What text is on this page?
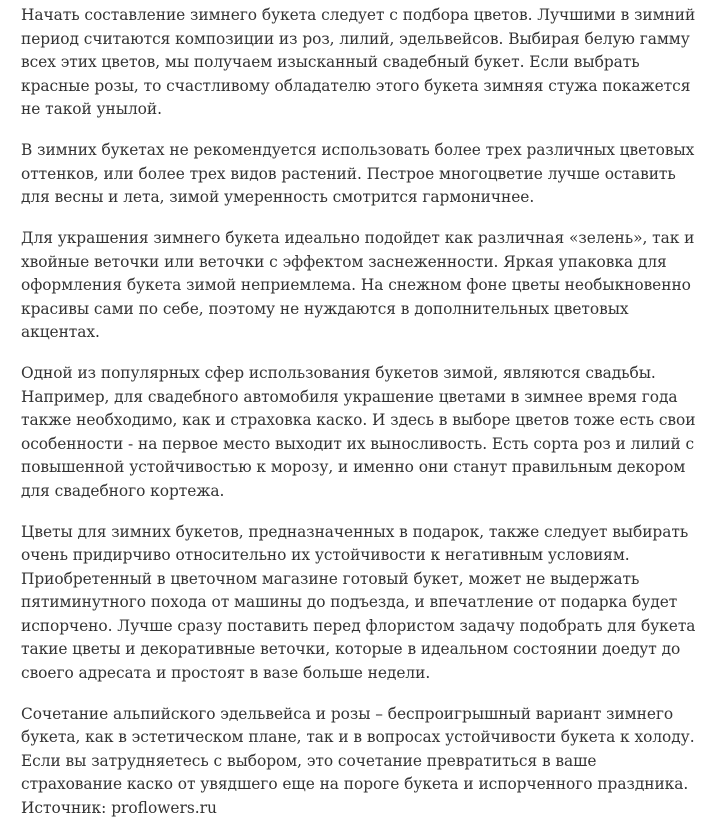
Начать составление зимнего букета следует с подбора цветов. Лучшими в зимний период считаются композиции из роз, лилий, эдельвейсов. Выбирая белую гамму всех этих цветов, мы получаем изысканный свадебный букет. Если выбрать красные розы, то счастливому обладателю этого букета зимняя стужа покажется не такой унылой.

В зимних букетах не рекомендуется использовать более трех различных цветовых оттенков, или более трех видов растений. Пестрое многоцветие лучше оставить для весны и лета, зимой умеренность смотрится гармоничнее.

Для украшения зимнего букета идеально подойдет как различная «зелень», так и хвойные веточки или веточки с эффектом заснеженности. Яркая упаковка для оформления букета зимой неприемлема. На снежном фоне цветы необыкновенно красивы сами по себе, поэтому не нуждаются в дополнительных цветовых акцентах.

Одной из популярных сфер использования букетов зимой, являются свадьбы. Например, для свадебного автомобиля украшение цветами в зимнее время года также необходимо, как и страховка каско. И здесь в выборе цветов тоже есть свои особенности - на первое место выходит их выносливость. Есть сорта роз и лилий с повышенной устойчивостью к морозу, и именно они станут правильным декором для свадебного кортежа.

Цветы для зимних букетов, предназначенных в подарок, также следует выбирать очень придирчиво относительно их устойчивости к негативным условиям. Приобретенный в цветочном магазине готовый букет, может не выдержать пятиминутного похода от машины до подъезда, и впечатление от подарка будет испорчено. Лучше сразу поставить перед флористом задачу подобрать для букета такие цветы и декоративные веточки, которые в идеальном состоянии доедут до своего адресата и простоят в вазе больше недели.

Сочетание альпийского эдельвейса и розы – беспроигрышный вариант зимнего букета, как в эстетическом плане, так и в вопросах устойчивости букета к холоду. Если вы затрудняетесь с выбором, это сочетание превратиться в ваше страхование каско от увядшего еще на пороге букета и испорченного праздника.

Источник: proflowers.ru
